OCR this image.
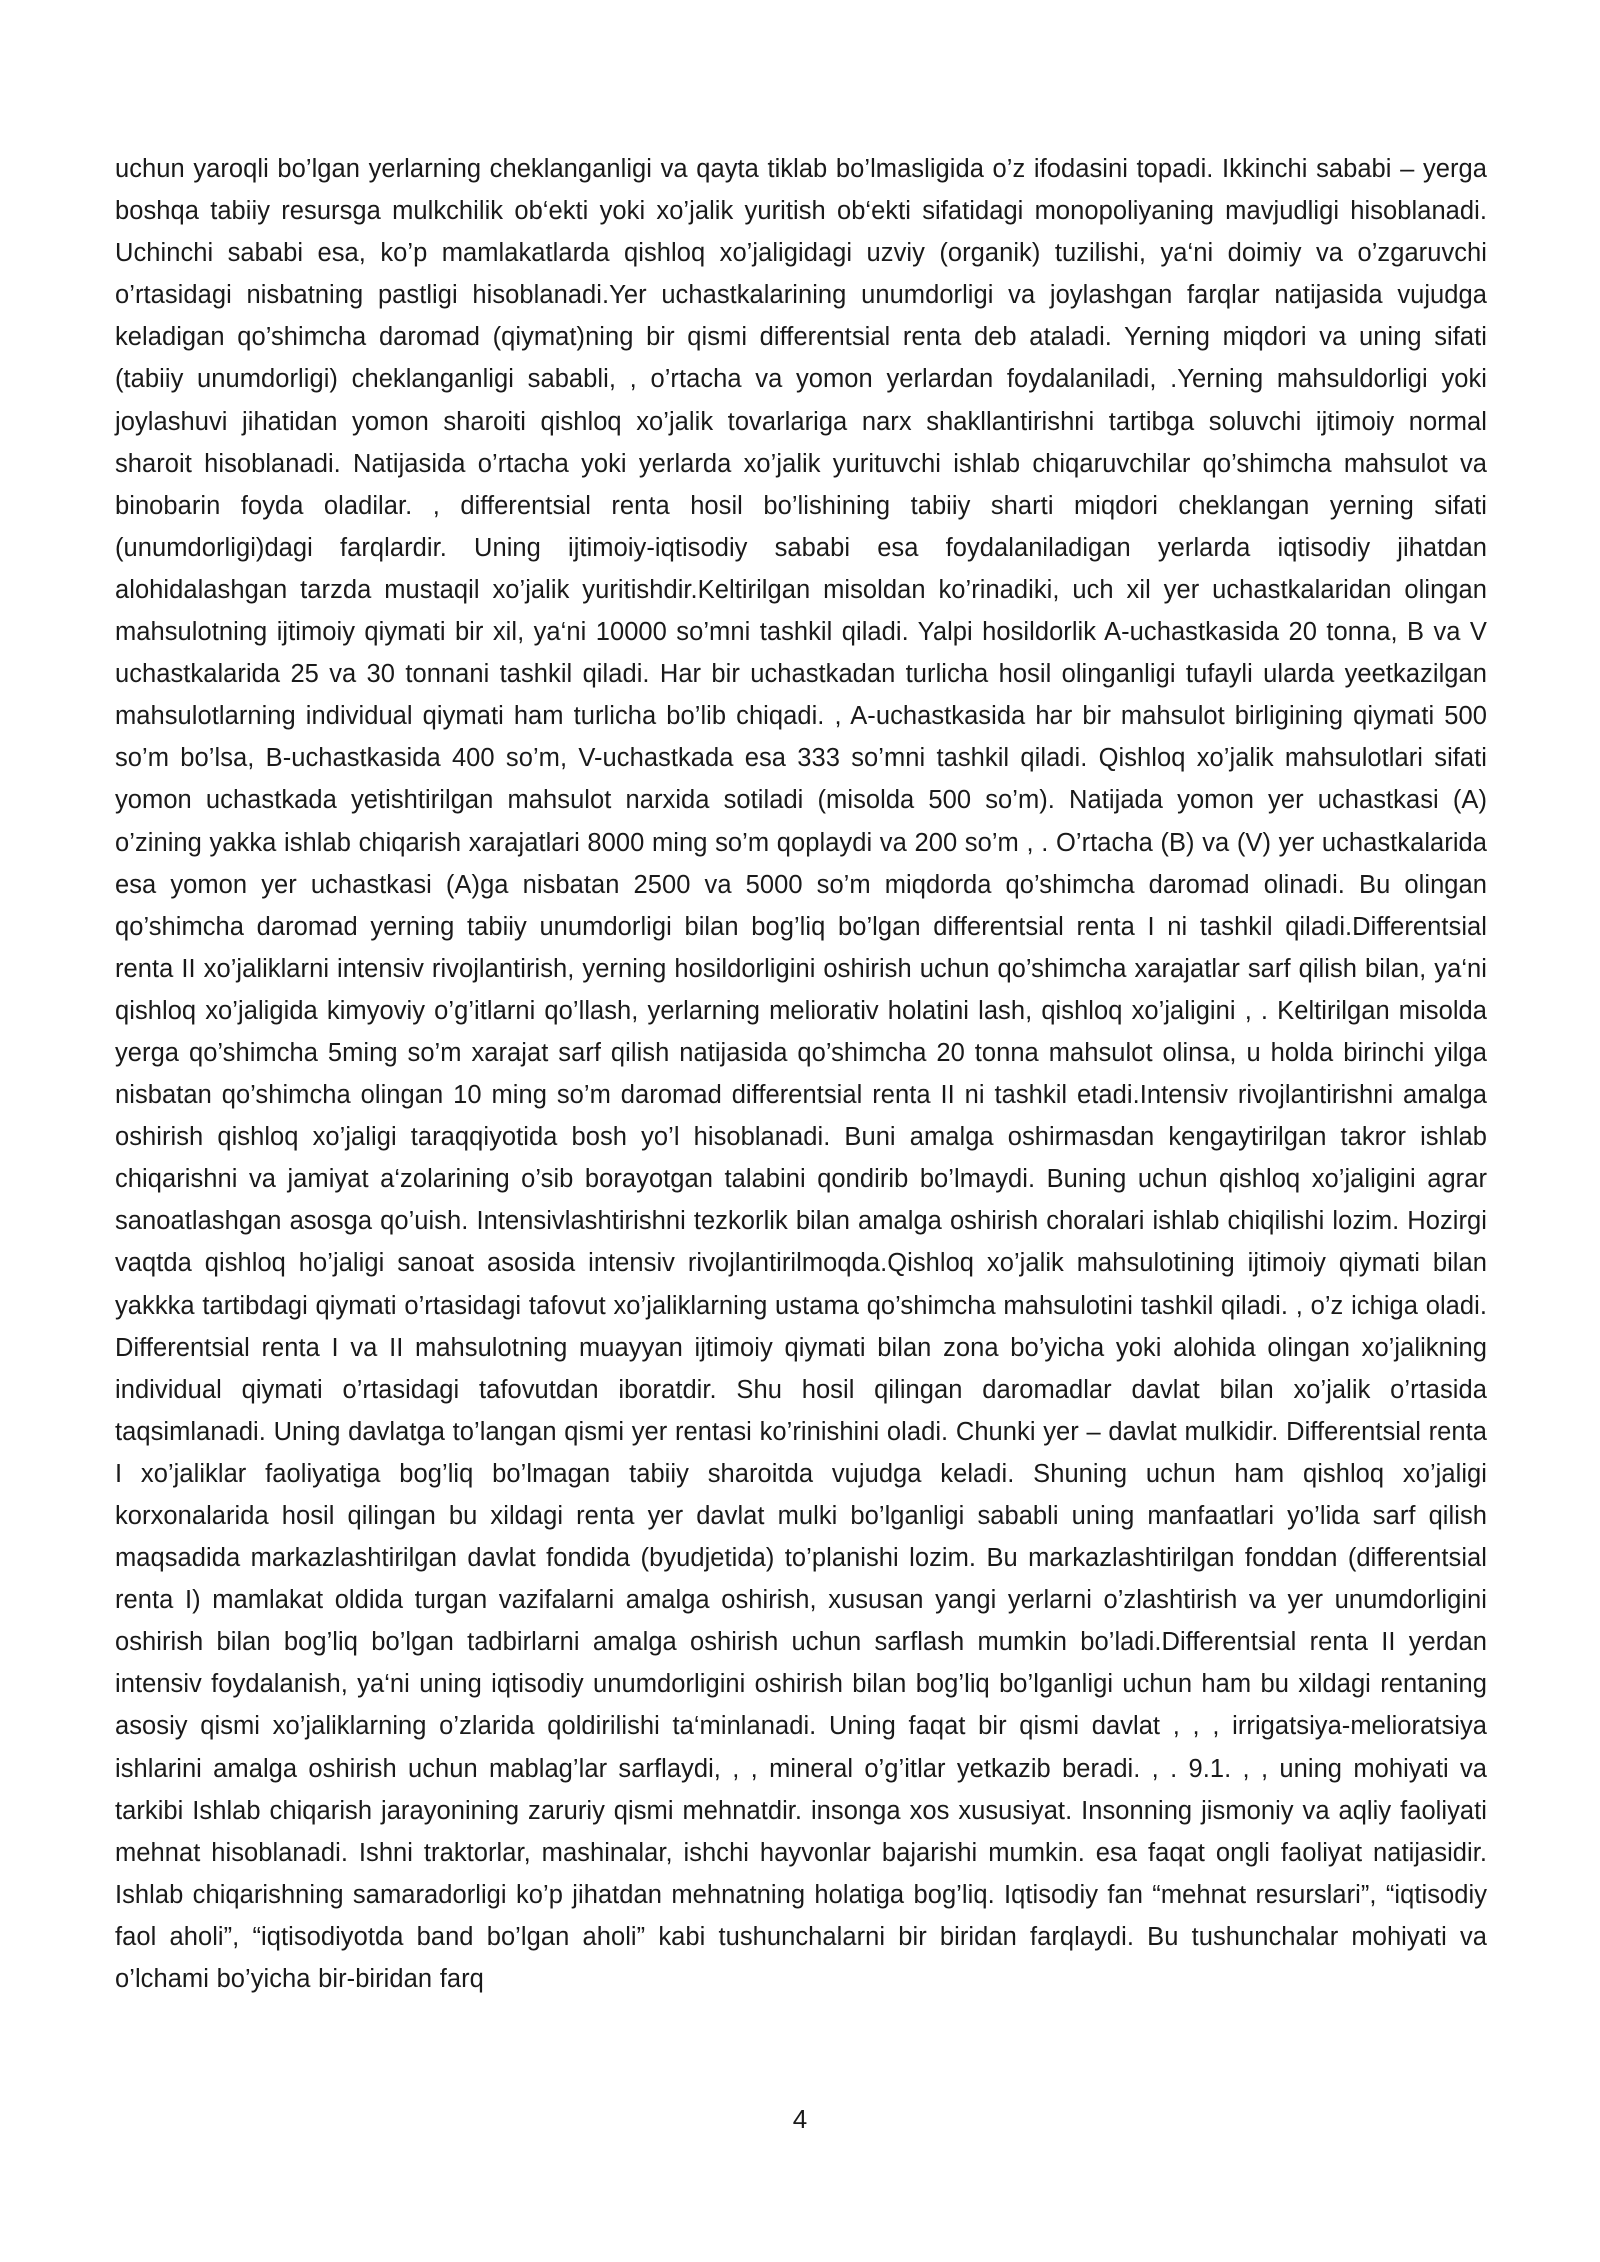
uchun yaroqli bo’lgan yerlarning cheklanganligi va qayta tiklab bo’lmasligida o’z ifodasini topadi. Ikkinchi sababi – yerga boshqa tabiiy resursga mulkchilik ob‘ekti yoki xo’jalik yuritish ob‘ekti sifatidagi monopoliyaning mavjudligi hisoblanadi. Uchinchi sababi esa, ko’p mamlakatlarda qishloq xo’jaligidagi uzviy (organik) tuzilishi, ya‘ni doimiy va o’zgaruvchi o’rtasidagi nisbatning pastligi hisoblanadi.Yer uchastkalarining unumdorligi va joylashgan farqlar natijasida vujudga keladigan qo’shimcha daromad (qiymat)ning bir qismi differentsial renta deb ataladi. Yerning miqdori va uning sifati (tabiiy unumdorligi) cheklanganligi sababli, , o’rtacha va yomon yerlardan foydalaniladi, .Yerning mahsuldorligi yoki joylashuvi jihatidan yomon sharoiti qishloq xo’jalik tovarlariga narx shakllantirishni tartibga soluvchi ijtimoiy normal sharoit hisoblanadi. Natijasida o’rtacha yoki yerlarda xo’jalik yurituvchi ishlab chiqaruvchilar qo’shimcha mahsulot va binobarin foyda oladilar. , differentsial renta hosil bo’lishining tabiiy sharti miqdori cheklangan yerning sifati (unumdorligi)dagi farqlardir. Uning ijtimoiy-iqtisodiy sababi esa foydalaniladigan yerlarda iqtisodiy jihatdan alohidalashgan tarzda mustaqil xo’jalik yuritishdir.Keltirilgan misoldan ko’rinadiki, uch xil yer uchastkalaridan olingan mahsulotning ijtimoiy qiymati bir xil, ya‘ni 10000 so’mni tashkil qiladi. Yalpi hosildorlik A-uchastkasida 20 tonna, B va V uchastkalarida 25 va 30 tonnani tashkil qiladi. Har bir uchastkadan turlicha hosil olinganligi tufayli ularda yeetkazilgan mahsulotlarning individual qiymati ham turlicha bo’lib chiqadi. , A-uchastkasida har bir mahsulot birligining qiymati 500 so’m bo’lsa, B-uchastkasida 400 so’m, V-uchastkada esa 333 so’mni tashkil qiladi. Qishloq xo’jalik mahsulotlari sifati yomon uchastkada yetishtirilgan mahsulot narxida sotiladi (misolda 500 so’m). Natijada yomon yer uchastkasi (A) o’zining yakka ishlab chiqarish xarajatlari 8000 ming so’m qoplaydi va 200 so’m , . O’rtacha (B) va (V) yer uchastkalarida esa yomon yer uchastkasi (A)ga nisbatan 2500 va 5000 so’m miqdorda qo’shimcha daromad olinadi. Bu olingan qo’shimcha daromad yerning tabiiy unumdorligi bilan bog’liq bo’lgan differentsial renta I ni tashkil qiladi.Differentsial renta II xo’jaliklarni intensiv rivojlantirish, yerning hosildorligini oshirish uchun qo’shimcha xarajatlar sarf qilish bilan, ya‘ni qishloq xo’jaligida kimyoviy o’g’itlarni qo’llash, yerlarning meliorativ holatini lash, qishloq xo’jaligini , . Keltirilgan misolda yerga qo’shimcha 5ming so’m xarajat sarf qilish natijasida qo’shimcha 20 tonna mahsulot olinsa, u holda birinchi yilga nisbatan qo’shimcha olingan 10 ming so’m daromad differentsial renta II ni tashkil etadi.Intensiv rivojlantirishni amalga oshirish qishloq xo’jaligi taraqqiyotida bosh yo’l hisoblanadi. Buni amalga oshirmasdan kengaytirilgan takror ishlab chiqarishni va jamiyat a‘zolarining o’sib borayotgan talabini qondirib bo’lmaydi. Buning uchun qishloq xo’jaligini agrar sanoatlashgan asosga qo’uish. Intensivlashtirishni tezkorlik bilan amalga oshirish choralari ishlab chiqilishi lozim. Hozirgi vaqtda qishloq ho’jaligi sanoat asosida intensiv rivojlantirilmoqda.Qishloq xo’jalik mahsulotining ijtimoiy qiymati bilan yakkka tartibdagi qiymati o’rtasidagi tafovut xo’jaliklarning ustama qo’shimcha mahsulotini tashkil qiladi. , o’z ichiga oladi. Differentsial renta I va II mahsulotning muayyan ijtimoiy qiymati bilan zona bo’yicha yoki alohida olingan xo’jalikning individual qiymati o’rtasidagi tafovutdan iboratdir. Shu hosil qilingan daromadlar davlat bilan xo’jalik o’rtasida taqsimlanadi. Uning davlatga to’langan qismi yer rentasi ko’rinishini oladi. Chunki yer – davlat mulkidir. Differentsial renta I xo’jaliklar faoliyatiga bog’liq bo’lmagan tabiiy sharoitda vujudga keladi. Shuning uchun ham qishloq xo’jaligi korxonalarida hosil qilingan bu xildagi renta yer davlat mulki bo’lganligi sababli uning manfaatlari yo’lida sarf qilish maqsadida markazlashtirilgan davlat fondida (byudjetida) to’planishi lozim. Bu markazlashtirilgan fonddan (differentsial renta I) mamlakat oldida turgan vazifalarni amalga oshirish, xususan yangi yerlarni o’zlashtirish va yer unumdorligini oshirish bilan bog’liq bo’lgan tadbirlarni amalga oshirish uchun sarflash mumkin bo’ladi.Differentsial renta II yerdan intensiv foydalanish, ya‘ni uning iqtisodiy unumdorligini oshirish bilan bog’liq bo’lganligi uchun ham bu xildagi rentaning asosiy qismi xo’jaliklarning o’zlarida qoldirilishi ta‘minlanadi. Uning faqat bir qismi davlat , , , irrigatsiya-melioratsiya ishlarini amalga oshirish uchun mablag’lar sarflaydi, , , mineral o’g’itlar yetkazib beradi. , . 9.1. , , uning mohiyati va tarkibi Ishlab chiqarish jarayonining zaruriy qismi mehnatdir. insonga xos xususiyat. Insonning jismoniy va aqliy faoliyati mehnat hisoblanadi. Ishni traktorlar, mashinalar, ishchi hayvonlar bajarishi mumkin. esa faqat ongli faoliyat natijasidir. Ishlab chiqarishning samaradorligi ko’p jihatdan mehnatning holatiga bog’liq. Iqtisodiy fan “mehnat resurslari”, “iqtisodiy faol aholi”, “iqtisodiyotda band bo’lgan aholi” kabi tushunchalarni bir biridan farqlaydi. Bu tushunchalar mohiyati va o’lchami bo’yicha bir-biridan farq

4
